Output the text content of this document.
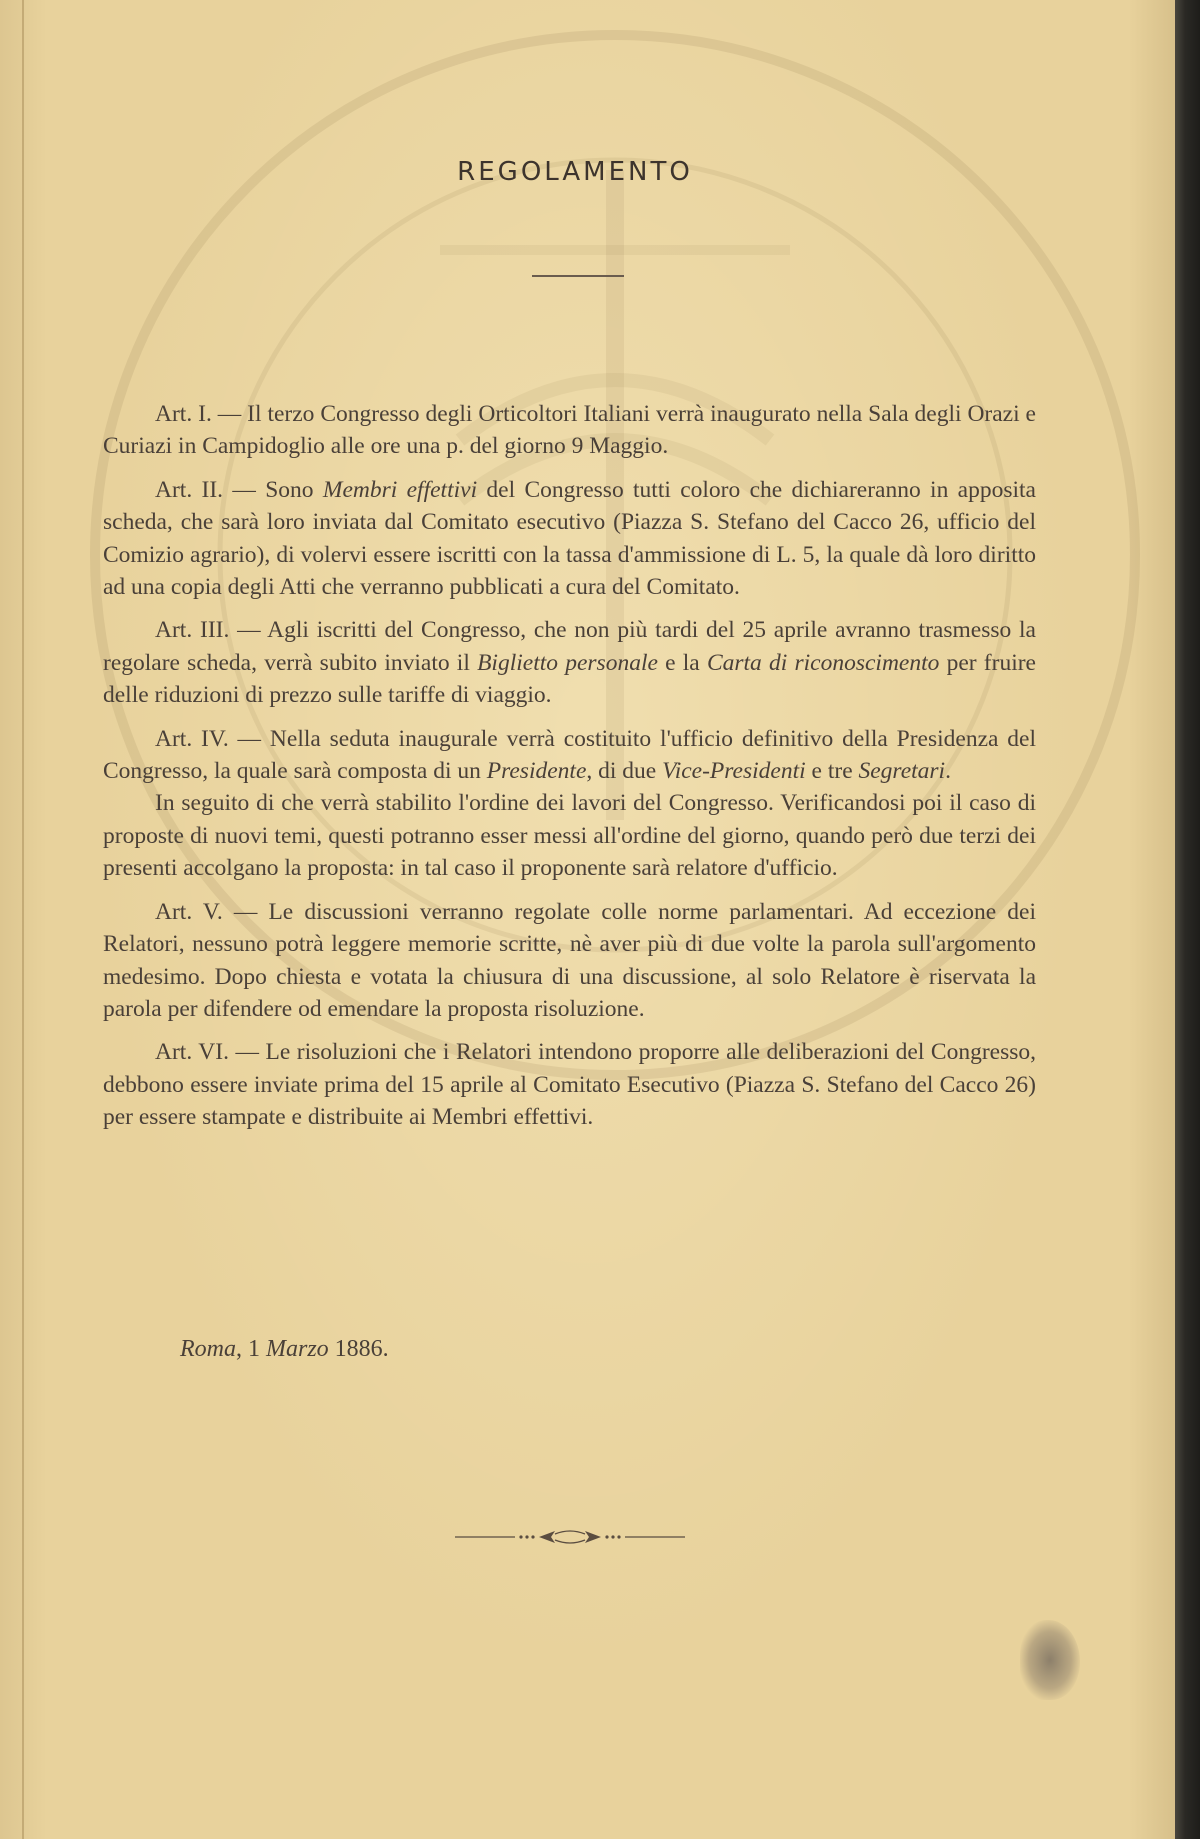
REGOLAMENTO

Art. I. — Il terzo Congresso degli Orticoltori Italiani verrà inaugurato nella Sala degli Orazi e Curiazi in Campidoglio alle ore una p. del giorno 9 Maggio.

Art. II. — Sono Membri effettivi del Congresso tutti coloro che dichiareranno in apposita scheda, che sarà loro inviata dal Comitato esecutivo (Piazza S. Stefano del Cacco 26, ufficio del Comizio agrario), di volervi essere iscritti con la tassa d'ammissione di L. 5, la quale dà loro diritto ad una copia degli Atti che verranno pubblicati a cura del Comitato.

Art. III. — Agli iscritti del Congresso, che non più tardi del 25 aprile avranno trasmesso la regolare scheda, verrà subito inviato il Biglietto personale e la Carta di riconoscimento per fruire delle riduzioni di prezzo sulle tariffe di viaggio.

Art. IV. — Nella seduta inaugurale verrà costituito l'ufficio definitivo della Presidenza del Congresso, la quale sarà composta di un Presidente, di due Vice-Presidenti e tre Segretari.

In seguito di che verrà stabilito l'ordine dei lavori del Congresso. Verificandosi poi il caso di proposte di nuovi temi, questi potranno esser messi all'ordine del giorno, quando però due terzi dei presenti accolgano la proposta: in tal caso il proponente sarà relatore d'ufficio.

Art. V. — Le discussioni verranno regolate colle norme parlamentari. Ad eccezione dei Relatori, nessuno potrà leggere memorie scritte, nè aver più di due volte la parola sull'argomento medesimo. Dopo chiesta e votata la chiusura di una discussione, al solo Relatore è riservata la parola per difendere od emendare la proposta risoluzione.

Art. VI. — Le risoluzioni che i Relatori intendono proporre alle deliberazioni del Congresso, debbono essere inviate prima del 15 aprile al Comitato Esecutivo (Piazza S. Stefano del Cacco 26) per essere stampate e distribuite ai Membri effettivi.

Roma, 1 Marzo 1886.
